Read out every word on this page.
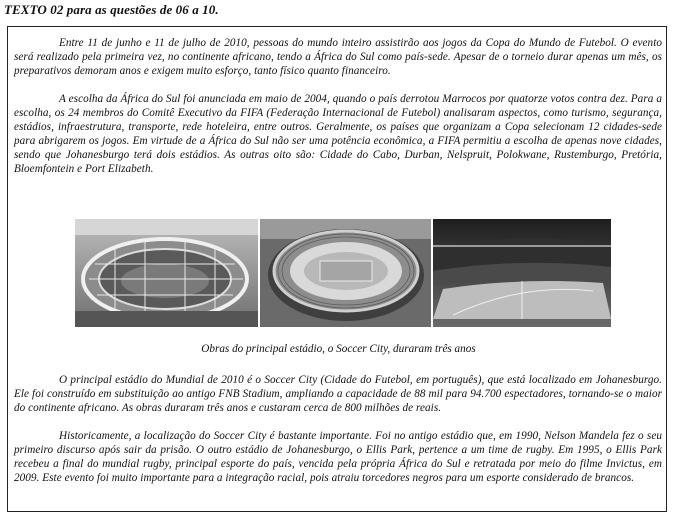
TEXTO 02 para as questões de 06 a 10.

Entre 11 de junho e 11 de julho de 2010, pessoas do mundo inteiro assistirão aos jogos da Copa do Mundo de Futebol. O evento será realizado pela primeira vez, no continente africano, tendo a África do Sul como país-sede. Apesar de o torneio durar apenas um mês, os preparativos demoram anos e exigem muito esforço, tanto físico quanto financeiro.

A escolha da África do Sul foi anunciada em maio de 2004, quando o país derrotou Marrocos por quatorze votos contra dez. Para a escolha, os 24 membros do Comitê Executivo da FIFA (Federação Internacional de Futebol) analisaram aspectos, como turismo, segurança, estádios, infraestrutura, transporte, rede hoteleira, entre outros. Geralmente, os países que organizam a Copa selecionam 12 cidades-sede para abrigarem os jogos. Em virtude de a África do Sul não ser uma potência econômica, a FIFA permitiu a escolha de apenas nove cidades, sendo que Johanesburgo terá dois estádios. As outras oito são: Cidade do Cabo, Durban, Nelspruit, Polokwane, Rustemburgo, Pretória, Bloemfontein e Port Elizabeth.

Obras do principal estádio, o Soccer City, duraram três anos

O principal estádio do Mundial de 2010 é o Soccer City (Cidade do Futebol, em português), que está localizado em Johanesburgo. Ele foi construído em substituição ao antigo FNB Stadium, ampliando a capacidade de 88 mil para 94.700 espectadores, tornando-se o maior do continente africano. As obras duraram três anos e custaram cerca de 800 milhões de reais.

Historicamente, a localização do Soccer City é bastante importante. Foi no antigo estádio que, em 1990, Nelson Mandela fez o seu primeiro discurso após sair da prisão. O outro estádio de Johanesburgo, o Ellis Park, pertence a um time de rugby. Em 1995, o Ellis Park recebeu a final do mundial rugby, principal esporte do país, vencida pela própria África do Sul e retratada por meio do filme Invictus, em 2009. Este evento foi muito importante para a integração racial, pois atraiu torcedores negros para um esporte considerado de brancos.
